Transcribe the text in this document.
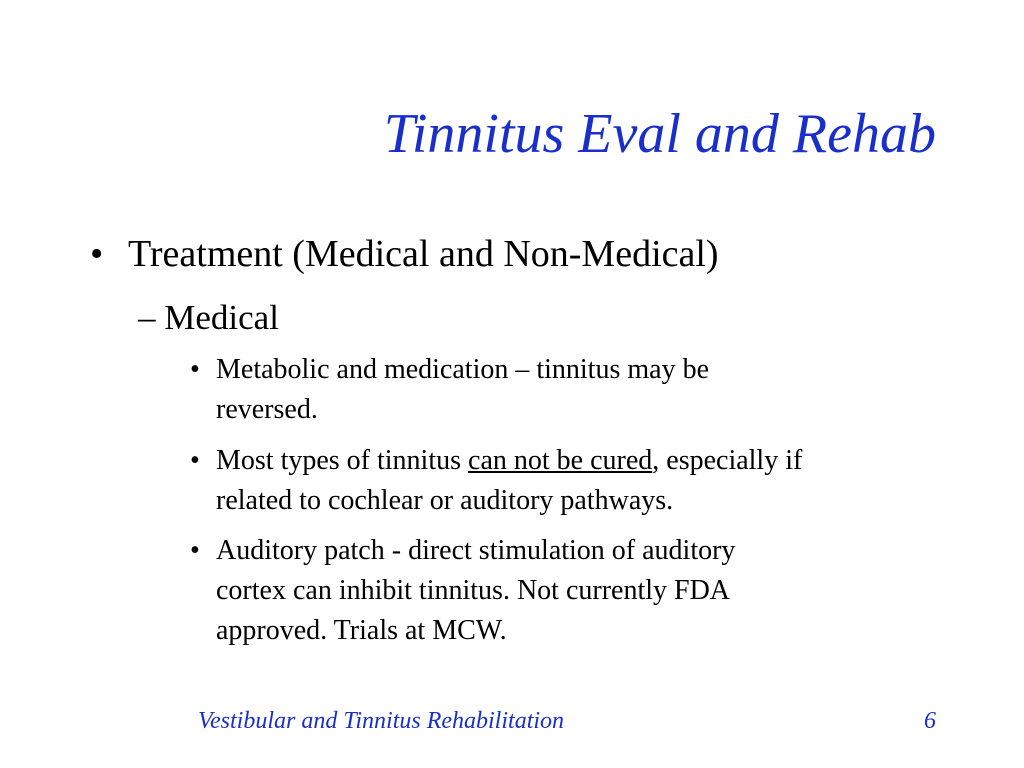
Tinnitus Eval and Rehab
• Treatment (Medical and Non-Medical)
– Medical
• Metabolic and medication – tinnitus may be
reversed.
• Most types of tinnitus can not be cured, especially if
related to cochlear or auditory pathways.
• Auditory patch - direct stimulation of auditory
cortex can inhibit tinnitus. Not currently FDA
approved. Trials at MCW.
Vestibular and Tinnitus Rehabilitation	6
